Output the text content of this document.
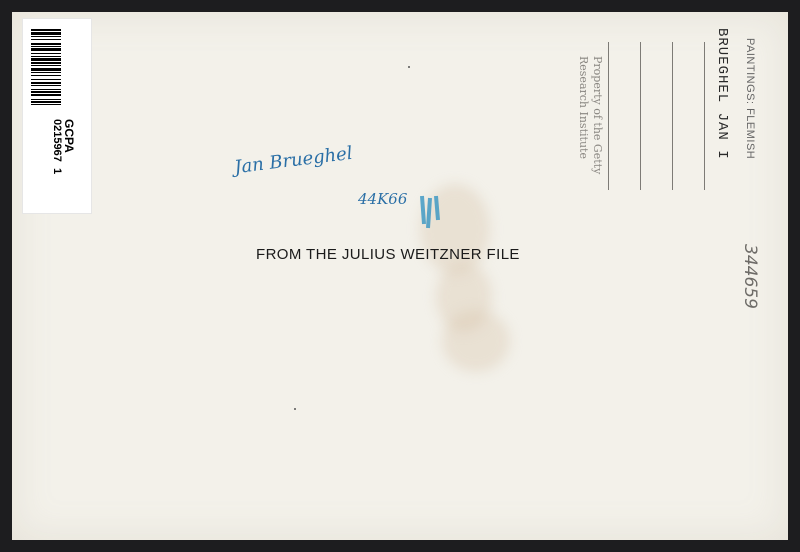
GCPA
0215967  1	Jan Brueghel
44K66
FROM THE JULIUS WEITZNER FILE
Property of the Getty
Research Institute	BRUEGHEL JAN I PAINTINGS: FLEMISH
344659
